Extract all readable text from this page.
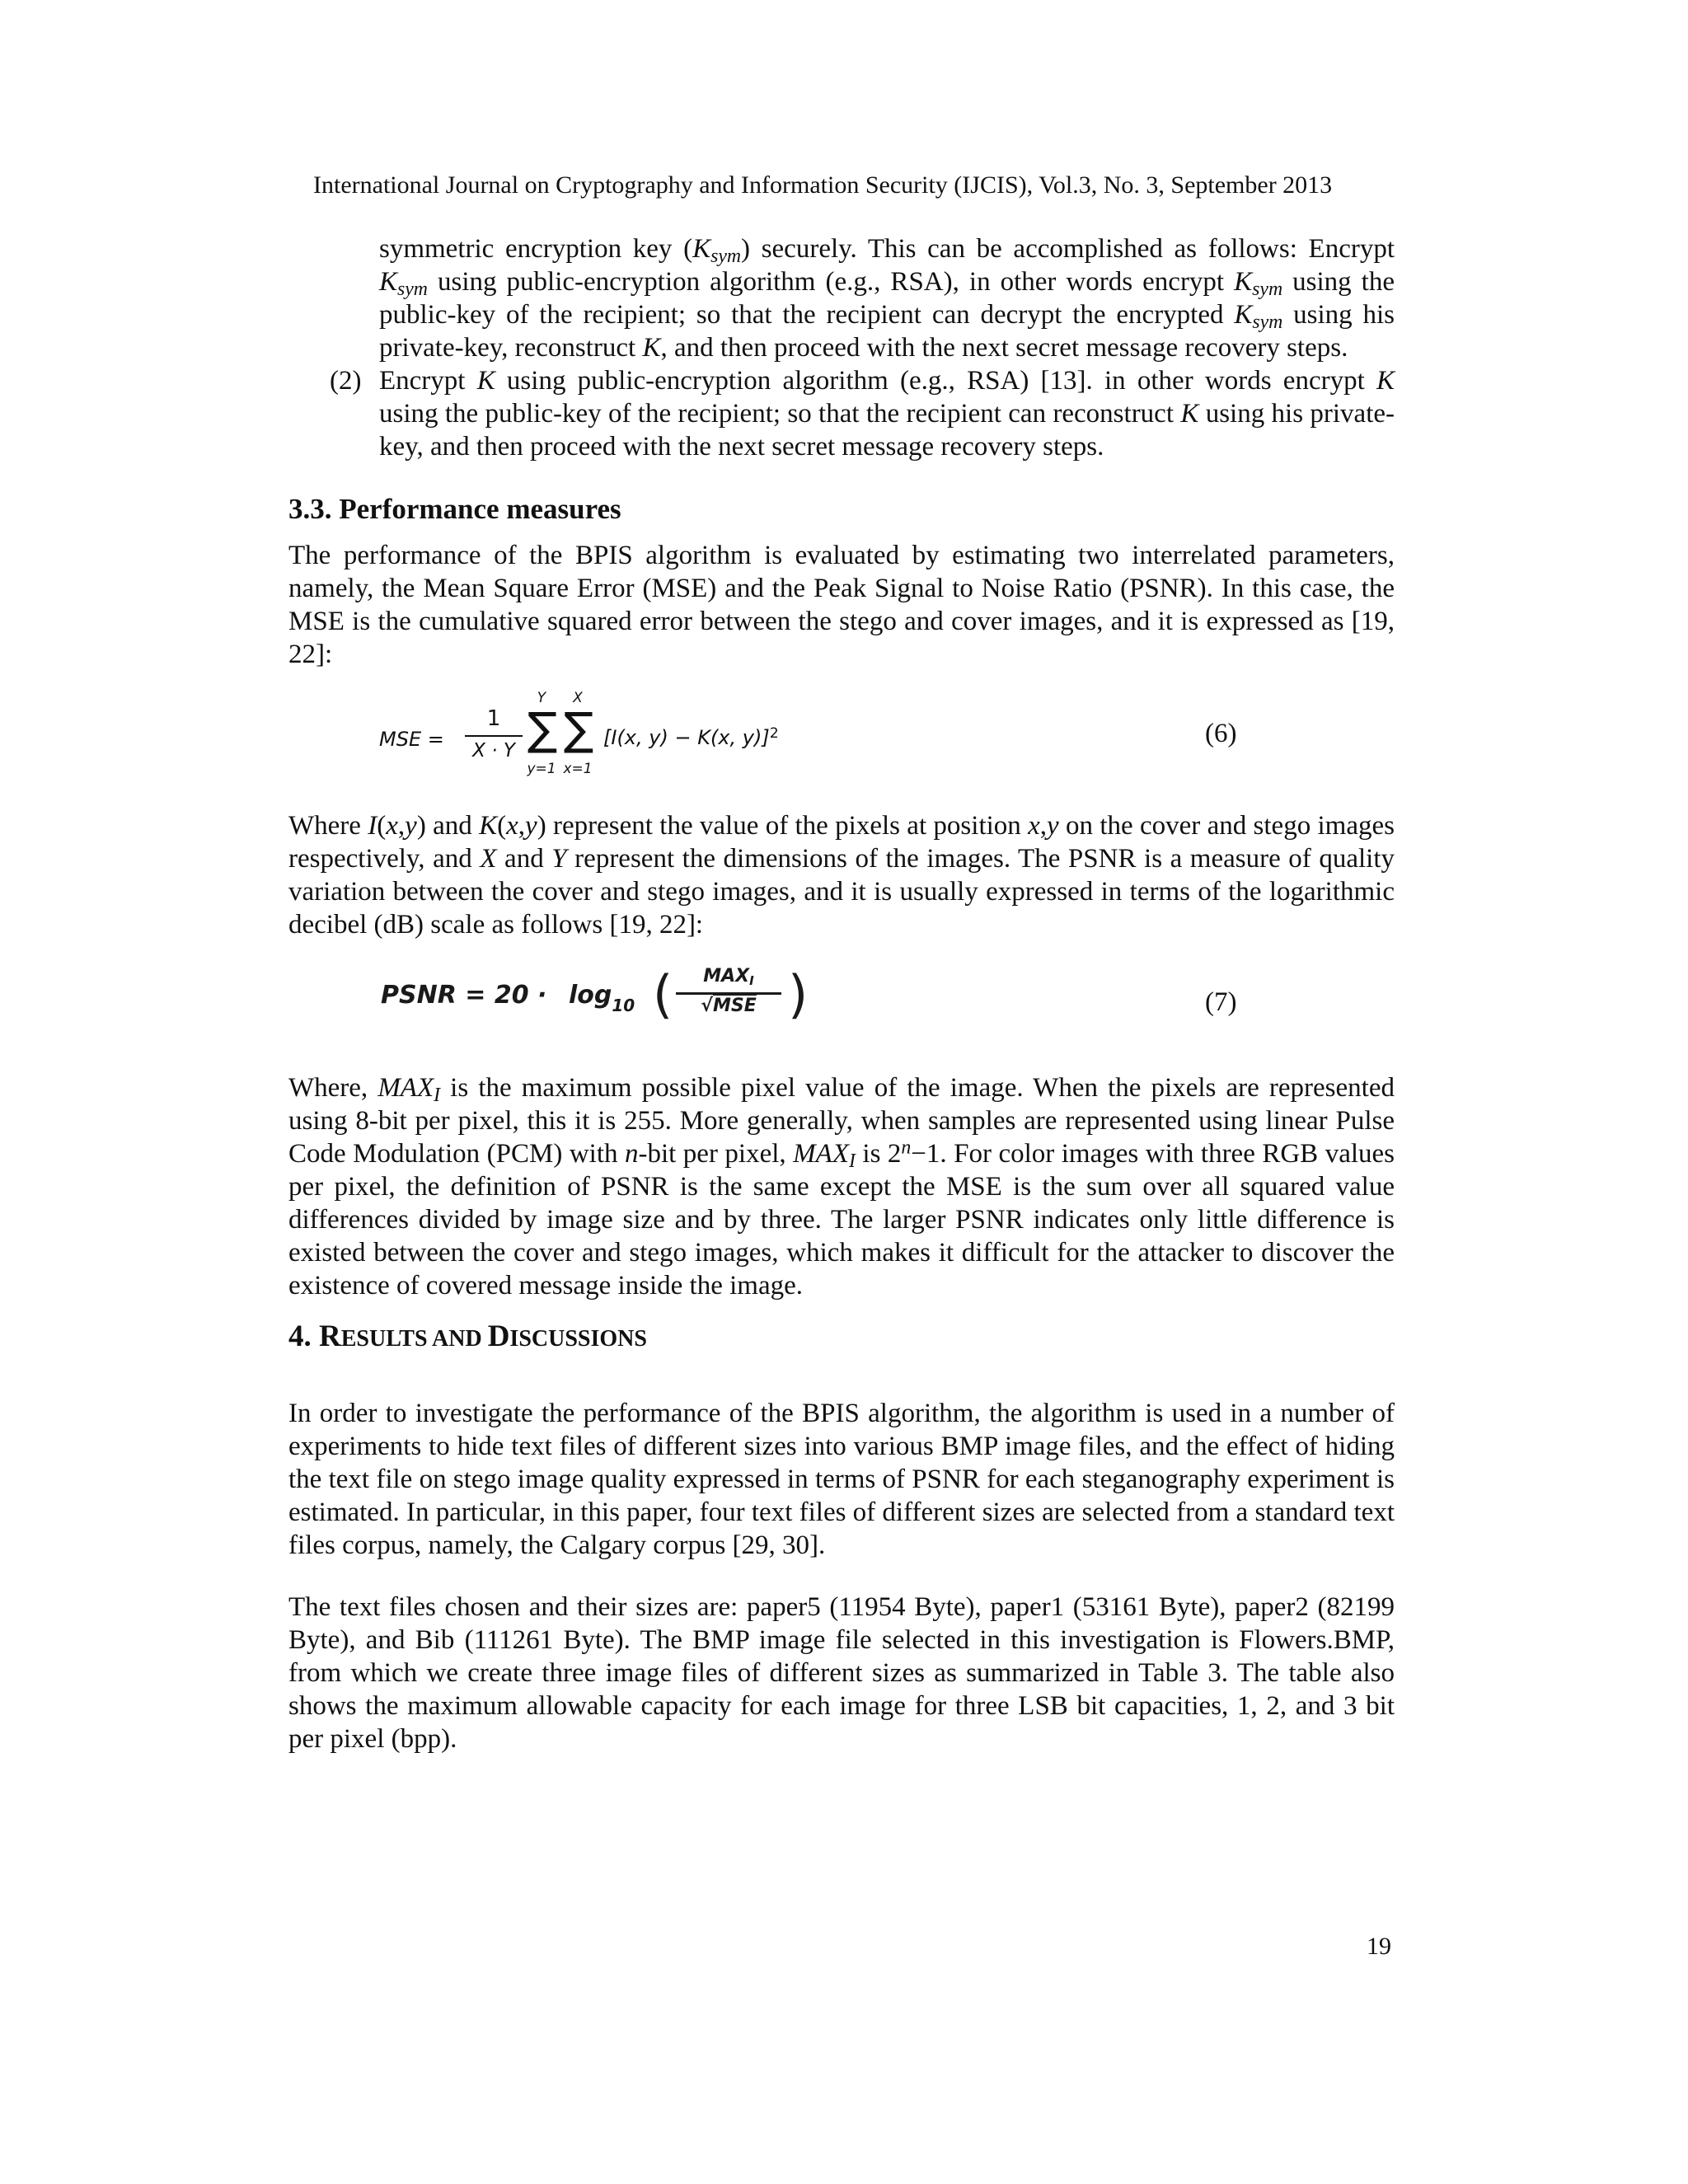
International Journal on Cryptography and Information Security (IJCIS), Vol.3, No. 3, September 2013

symmetric encryption key $(K_{sym})$ securely. This can be accomplished as follows: Encrypt $K_{sym}$ using public-encryption algorithm (e.g., RSA), in other words encrypt $K_{sym}$ using the public-key of the recipient; so that the recipient can decrypt the encrypted $K_{sym}$ using his private-key, reconstruct K, and then proceed with the next secret message recovery steps.

(2) Encrypt K using public-encryption algorithm (e.g., RSA) [13]. in other words encrypt K using the public-key of the recipient; so that the recipient can reconstruct K using his private-key, and then proceed with the next secret message recovery steps.

3.3. Performance measures

The performance of the BPIS algorithm is evaluated by estimating two interrelated parameters, namely, the Mean Square Error (MSE) and the Peak Signal to Noise Ratio (PSNR). In this case, the MSE is the cumulative squared error between the stego and cover images, and it is expressed as [19, 22]:

MSE =
1
X · Y
Y
∑
y=1
X
∑
x=1
[I(x, y) − K(x, y)]$^2$	(6)

Where I(x,y) and K(x,y) represent the value of the pixels at position x,y on the cover and stego images respectively, and X and Y represent the dimensions of the images. The PSNR is a measure of quality variation between the cover and stego images, and it is usually expressed in terms of the logarithmic decibel (dB) scale as follows [19, 22]:

PSNR = $20 \cdot \log_{10}$ (	$MAX_I$
√MSE )	(7)

Where, $MAX_I$ is the maximum possible pixel value of the image. When the pixels are represented using 8-bit per pixel, this it is 255. More generally, when samples are represented using linear Pulse Code Modulation (PCM) with n-bit per pixel, $MAX_I$ is $2^n-1$. For color images with three RGB values per pixel, the definition of PSNR is the same except the MSE is the sum over all squared value differences divided by image size and by three. The larger PSNR indicates only little difference is existed between the cover and stego images, which makes it difficult for the attacker to discover the existence of covered message inside the image.

4. RESULTS AND DISCUSSIONS

In order to investigate the performance of the BPIS algorithm, the algorithm is used in a number of experiments to hide text files of different sizes into various BMP image files, and the effect of hiding the text file on stego image quality expressed in terms of PSNR for each steganography experiment is estimated. In particular, in this paper, four text files of different sizes are selected from a standard text files corpus, namely, the Calgary corpus [29, 30].

The text files chosen and their sizes are: paper5 (11954 Byte), paper1 (53161 Byte), paper2 (82199 Byte), and Bib (111261 Byte). The BMP image file selected in this investigation is Flowers.BMP, from which we create three image files of different sizes as summarized in Table 3. The table also shows the maximum allowable capacity for each image for three LSB bit capacities, 1, 2, and 3 bit per pixel (bpp).

19
